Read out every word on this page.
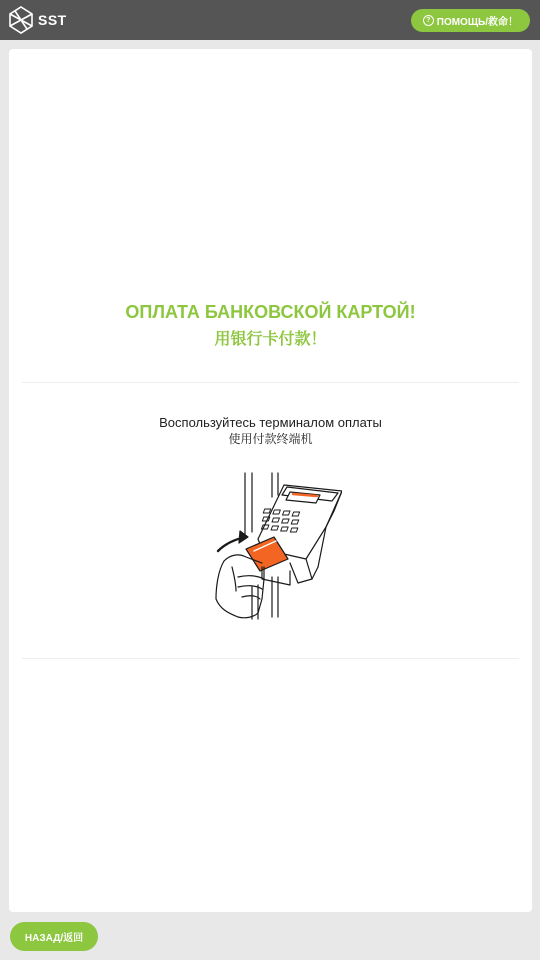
SST	? ПОМОЩЬ/救命！
ОПЛАТА БАНКОВСКОЙ КАРТОЙ!
用银行卡付款！
Воспользуйтесь терминалом оплаты
使用付款终端机
НАЗАД/返回
